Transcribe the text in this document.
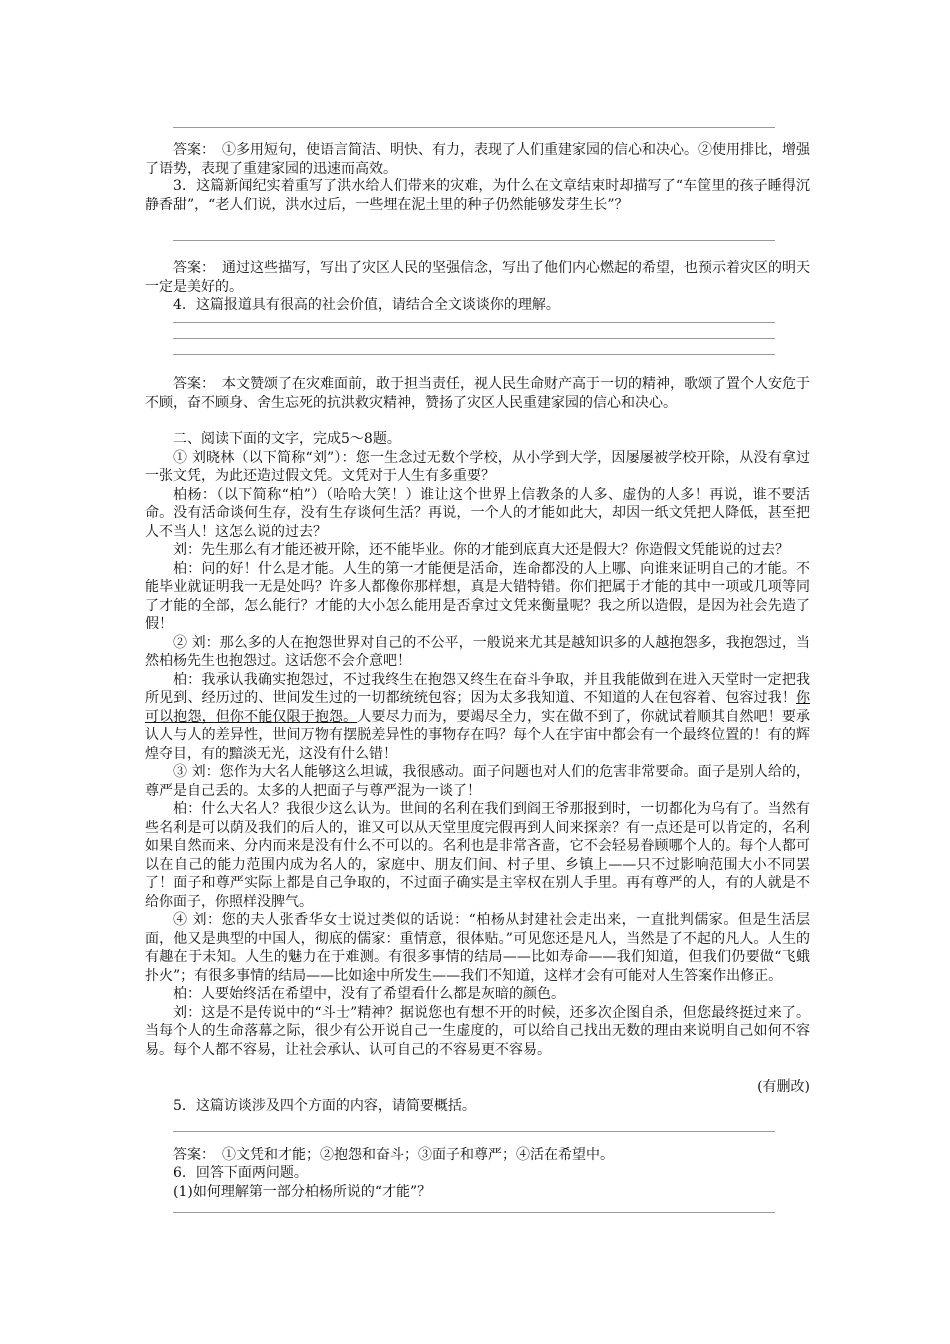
答案：　 ①多用短句，使语言简洁、明快、有力，表现了人们重建家园的信心和决心。②使用排比，增强了语势，表现了重建家园的迅速而高效。

3．这篇新闻纪实着重写了洪水给人们带来的灾难，为什么在文章结束时却描写了“车筐里的孩子睡得沉静香甜”，“老人们说，洪水过后，一些埋在泥土里的种子仍然能够发芽生长”？

答案：　 通过这些描写，写出了灾区人民的坚强信念，写出了他们内心燃起的希望，也预示着灾区的明天一定是美好的。

4．这篇报道具有很高的社会价值，请结合全文谈谈你的理解。

答案：　 本文赞颂了在灾难面前，敢于担当责任，视人民生命财产高于一切的精神，歌颂了置个人安危于不顾，奋不顾身、舍生忘死的抗洪救灾精神，赞扬了灾区人民重建家园的信心和决心。

二、阅读下面的文字，完成5～8题。

① 刘晓林（以下简称“刘”）：您一生念过无数个学校，从小学到大学，因屡屡被学校开除，从没有拿过一张文凭，为此还造过假文凭。文凭对于人生有多重要？

柏杨：（以下简称“柏”）（哈哈大笑！）谁让这个世界上信教条的人多、虚伪的人多！再说，谁不要活命。没有活命谈何生存，没有生存谈何生活？再说，一个人的才能如此大，却因一纸文凭把人降低，甚至把人不当人！这怎么说的过去？

刘：先生那么有才能还被开除，还不能毕业。你的才能到底真大还是假大？你造假文凭能说的过去？

柏：问的好！什么是才能。人生的第一才能便是活命，连命都没的人上哪、向谁来证明自己的才能。不能毕业就证明我一无是处吗？许多人都像你那样想，真是大错特错。你们把属于才能的其中一项或几项等同了才能的全部，怎么能行？才能的大小怎么能用是否拿过文凭来衡量呢？我之所以造假，是因为社会先造了假！

② 刘：那么多的人在抱怨世界对自己的不公平，一般说来尤其是越知识多的人越抱怨多，我抱怨过，当然柏杨先生也抱怨过。这话您不会介意吧！

柏：我承认我确实抱怨过，不过我终生在抱怨又终生在奋斗争取，并且我能做到在进入天堂时一定把我所见到、经历过的、世间发生过的一切都统统包容；因为太多我知道、不知道的人在包容着、包容过我！你可以抱怨，但你不能仅限于抱怨。人要尽力而为，要竭尽全力，实在做不到了，你就试着顺其自然吧！要承认人与人的差异性，世间万物有摆脱差异性的事物存在吗？每个人在宇宙中都会有一个最终位置的！有的辉煌夺目，有的黯淡无光，这没有什么错！

③ 刘：您作为大名人能够这么坦诚，我很感动。面子问题也对人们的危害非常要命。面子是别人给的，尊严是自己丢的。太多的人把面子与尊严混为一谈了！

柏：什么大名人？我很少这么认为。世间的名利在我们到阎王爷那报到时，一切都化为乌有了。当然有些名利是可以荫及我们的后人的，谁又可以从天堂里度完假再到人间来探亲？有一点还是可以肯定的，名利如果自然而来、分内而来是没有什么不可以的。名利也是非常吝啬，它不会轻易眷顾哪个人的。每个人都可以在自己的能力范围内成为名人的，家庭中、朋友们间、村子里、乡镇上——只不过影响范围大小不同罢了！面子和尊严实际上都是自己争取的，不过面子确实是主宰权在别人手里。再有尊严的人，有的人就是不给你面子，你照样没脾气。

④ 刘：您的夫人张香华女士说过类似的话说：“柏杨从封建社会走出来，一直批判儒家。但是生活层面，他又是典型的中国人，彻底的儒家：重情意，很体贴。”可见您还是凡人，当然是了不起的凡人。人生的有趣在于未知。人生的魅力在于难测。有很多事情的结局——比如寿命——我们知道，但我们仍要做“飞蛾扑火”；有很多事情的结局——比如途中所发生——我们不知道，这样才会有可能对人生答案作出修正。

柏：人要始终活在希望中，没有了希望看什么都是灰暗的颜色。

刘：这是不是传说中的“斗士”精神？据说您也有想不开的时候，还多次企图自杀，但您最终挺过来了。当每个人的生命落幕之际，很少有公开说自己一生虚度的，可以给自己找出无数的理由来说明自己如何不容易。每个人都不容易，让社会承认、认可自己的不容易更不容易。

(有删改)

5．这篇访谈涉及四个方面的内容，请简要概括。

答案：　 ①文凭和才能；②抱怨和奋斗；③面子和尊严；④活在希望中。

6．回答下面两问题。

(1)如何理解第一部分柏杨所说的“才能”？
